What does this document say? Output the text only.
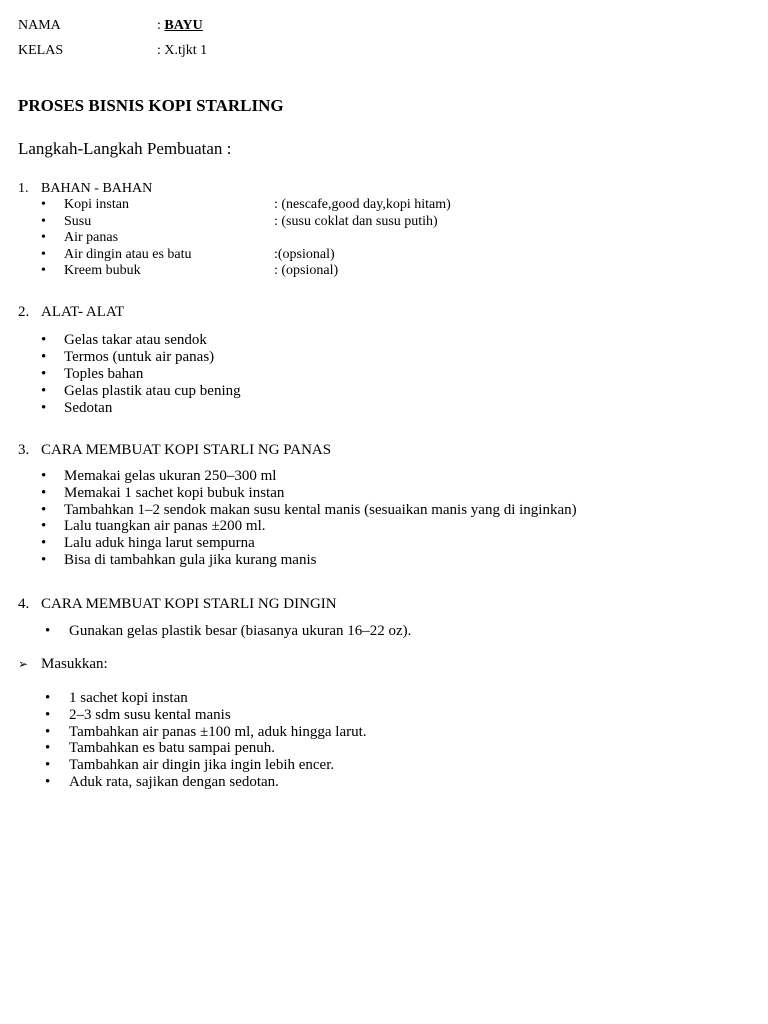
NAMA	: BAYU
KELAS	: X.tjkt 1
PROSES BISNIS KOPI STARLING
Langkah-Langkah Pembuatan :
1. BAHAN - BAHAN
• Kopi instan	: (nescafe,good day,kopi hitam)
• Susu	: (susu coklat dan susu putih)
• Air panas
• Air dingin atau es batu	:(opsional)
• Kreem bubuk	: (opsional)
2. ALAT- ALAT
• Gelas takar atau sendok
• Termos (untuk air panas)
• Toples bahan
• Gelas plastik atau cup bening
• Sedotan
3. CARA MEMBUAT KOPI STARLI NG PANAS
• Memakai gelas ukuran 250–300 ml
• Memakai 1 sachet kopi bubuk instan
• Tambahkan 1–2 sendok makan susu kental manis (sesuaikan manis yang di inginkan)
• Lalu tuangkan air panas ±200 ml.
• Lalu aduk hinga larut sempurna
• Bisa di tambahkan gula jika kurang manis
4. CARA MEMBUAT KOPI STARLI NG DINGIN
• Gunakan gelas plastik besar (biasanya ukuran 16–22 oz).
➢ Masukkan:
• 1 sachet kopi instan
• 2–3 sdm susu kental manis
• Tambahkan air panas ±100 ml, aduk hingga larut.
• Tambahkan es batu sampai penuh.
• Tambahkan air dingin jika ingin lebih encer.
• Aduk rata, sajikan dengan sedotan.
